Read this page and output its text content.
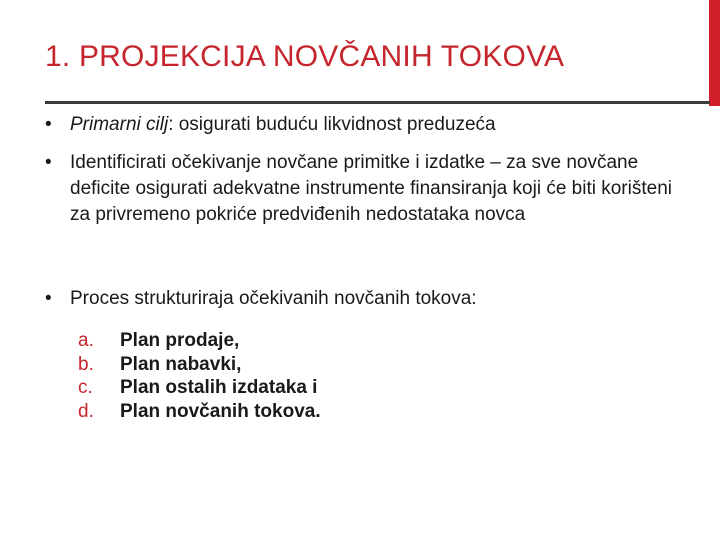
1. PROJEKCIJA NOVČANIH TOKOVA
• Primarni cilj: osigurati buduću likvidnost preduzeća
• Identificirati očekivanje novčane primitke i izdatke – za sve novčane deficite osigurati adekvatne instrumente finansiranja koji će biti korišteni za privremeno pokriće predviđenih nedostataka novca
• Proces strukturiraja očekivanih novčanih tokova:
a.	Plan prodaje,
b.	Plan nabavki,
c.	Plan ostalih izdataka i
d.	Plan novčanih tokova.
